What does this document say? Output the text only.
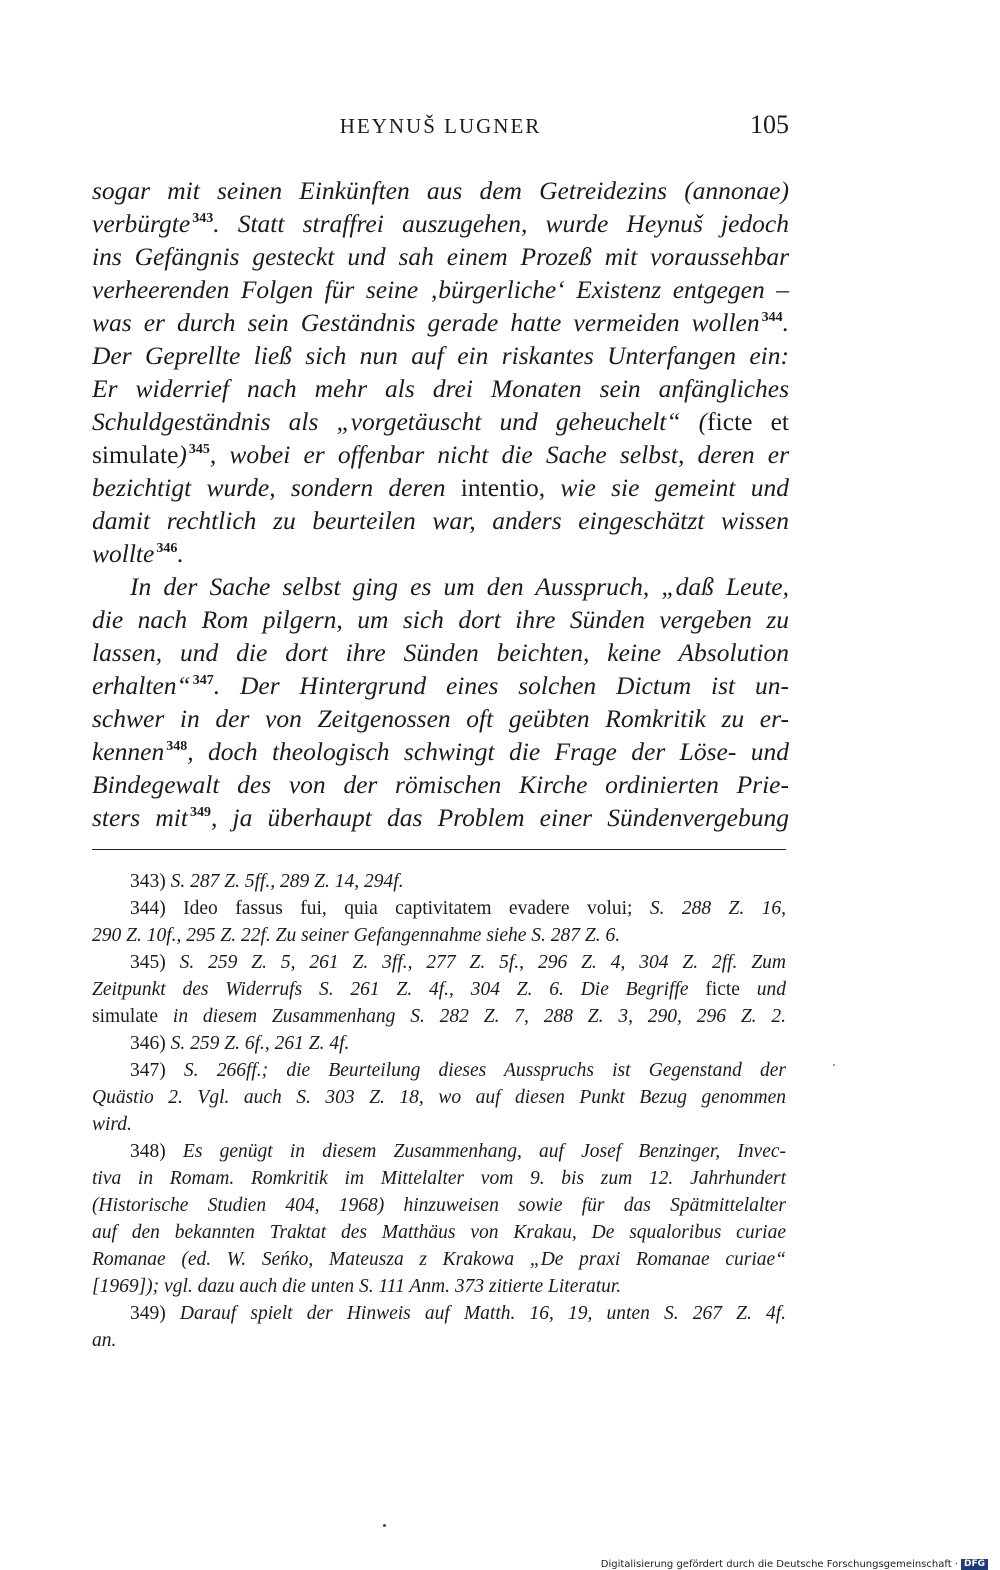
HEYNUŠ LUGNER	105
sogar mit seinen Einkünften aus dem Getreidezins (annonae)
verbürgte $^{343}$. Statt straffrei auszugehen, wurde Heynuš jedoch
ins Gefängnis gesteckt und sah einem Prozeß mit voraussehbar
verheerenden Folgen für seine ‚bürgerliche‘ Existenz entgegen –
was er durch sein Geständnis gerade hatte vermeiden wollen $^{344}$.
Der Geprellte ließ sich nun auf ein riskantes Unterfangen ein:
Er widerrief nach mehr als drei Monaten sein anfängliches
Schuldgeständnis als „vorgetäuscht und geheuchelt“ (ficte et
simulate) $^{345}$, wobei er offenbar nicht die Sache selbst, deren er
bezichtigt wurde, sondern deren intentio, wie sie gemeint und
damit rechtlich zu beurteilen war, anders eingeschätzt wissen
wollte $^{346}$.
In der Sache selbst ging es um den Ausspruch, „daß Leute,
die nach Rom pilgern, um sich dort ihre Sünden vergeben zu
lassen, und die dort ihre Sünden beichten, keine Absolution
erhalten“ $^{347}$. Der Hintergrund eines solchen Dictum ist un-
schwer in der von Zeitgenossen oft geübten Romkritik zu er-
kennen $^{348}$, doch theologisch schwingt die Frage der Löse- und
Bindegewalt des von der römischen Kirche ordinierten Prie-
sters mit $^{349}$, ja überhaupt das Problem einer Sündenvergebung
343) S. 287 Z. 5ff., 289 Z. 14, 294f.
344) Ideo fassus fui, quia captivitatem evadere volui; S. 288 Z. 16,
290 Z. 10f., 295 Z. 22f. Zu seiner Gefangennahme siehe S. 287 Z. 6.
345) S. 259 Z. 5, 261 Z. 3ff., 277 Z. 5f., 296 Z. 4, 304 Z. 2ff. Zum
Zeitpunkt des Widerrufs S. 261 Z. 4f., 304 Z. 6. Die Begriffe ficte und
simulate in diesem Zusammenhang S. 282 Z. 7, 288 Z. 3, 290, 296 Z. 2.
346) S. 259 Z. 6f., 261 Z. 4f.
347) S. 266ff.; die Beurteilung dieses Ausspruchs ist Gegenstand der
Quästio 2. Vgl. auch S. 303 Z. 18, wo auf diesen Punkt Bezug genommen
wird.
348) Es genügt in diesem Zusammenhang, auf Josef Benzinger, Invec-
tiva in Romam. Romkritik im Mittelalter vom 9. bis zum 12. Jahrhundert
(Historische Studien 404, 1968) hinzuweisen sowie für das Spätmittelalter
auf den bekannten Traktat des Matthäus von Krakau, De squaloribus curiae
Romanae (ed. W. Seńko, Mateusza z Krakowa „De praxi Romanae curiae“
[1969]); vgl. dazu auch die unten S. 111 Anm. 373 zitierte Literatur.
349) Darauf spielt der Hinweis auf Matth. 16, 19, unten S. 267 Z. 4f.
an.
Digitalisierung gefördert durch die Deutsche Forschungsgemeinschaft · DFG
